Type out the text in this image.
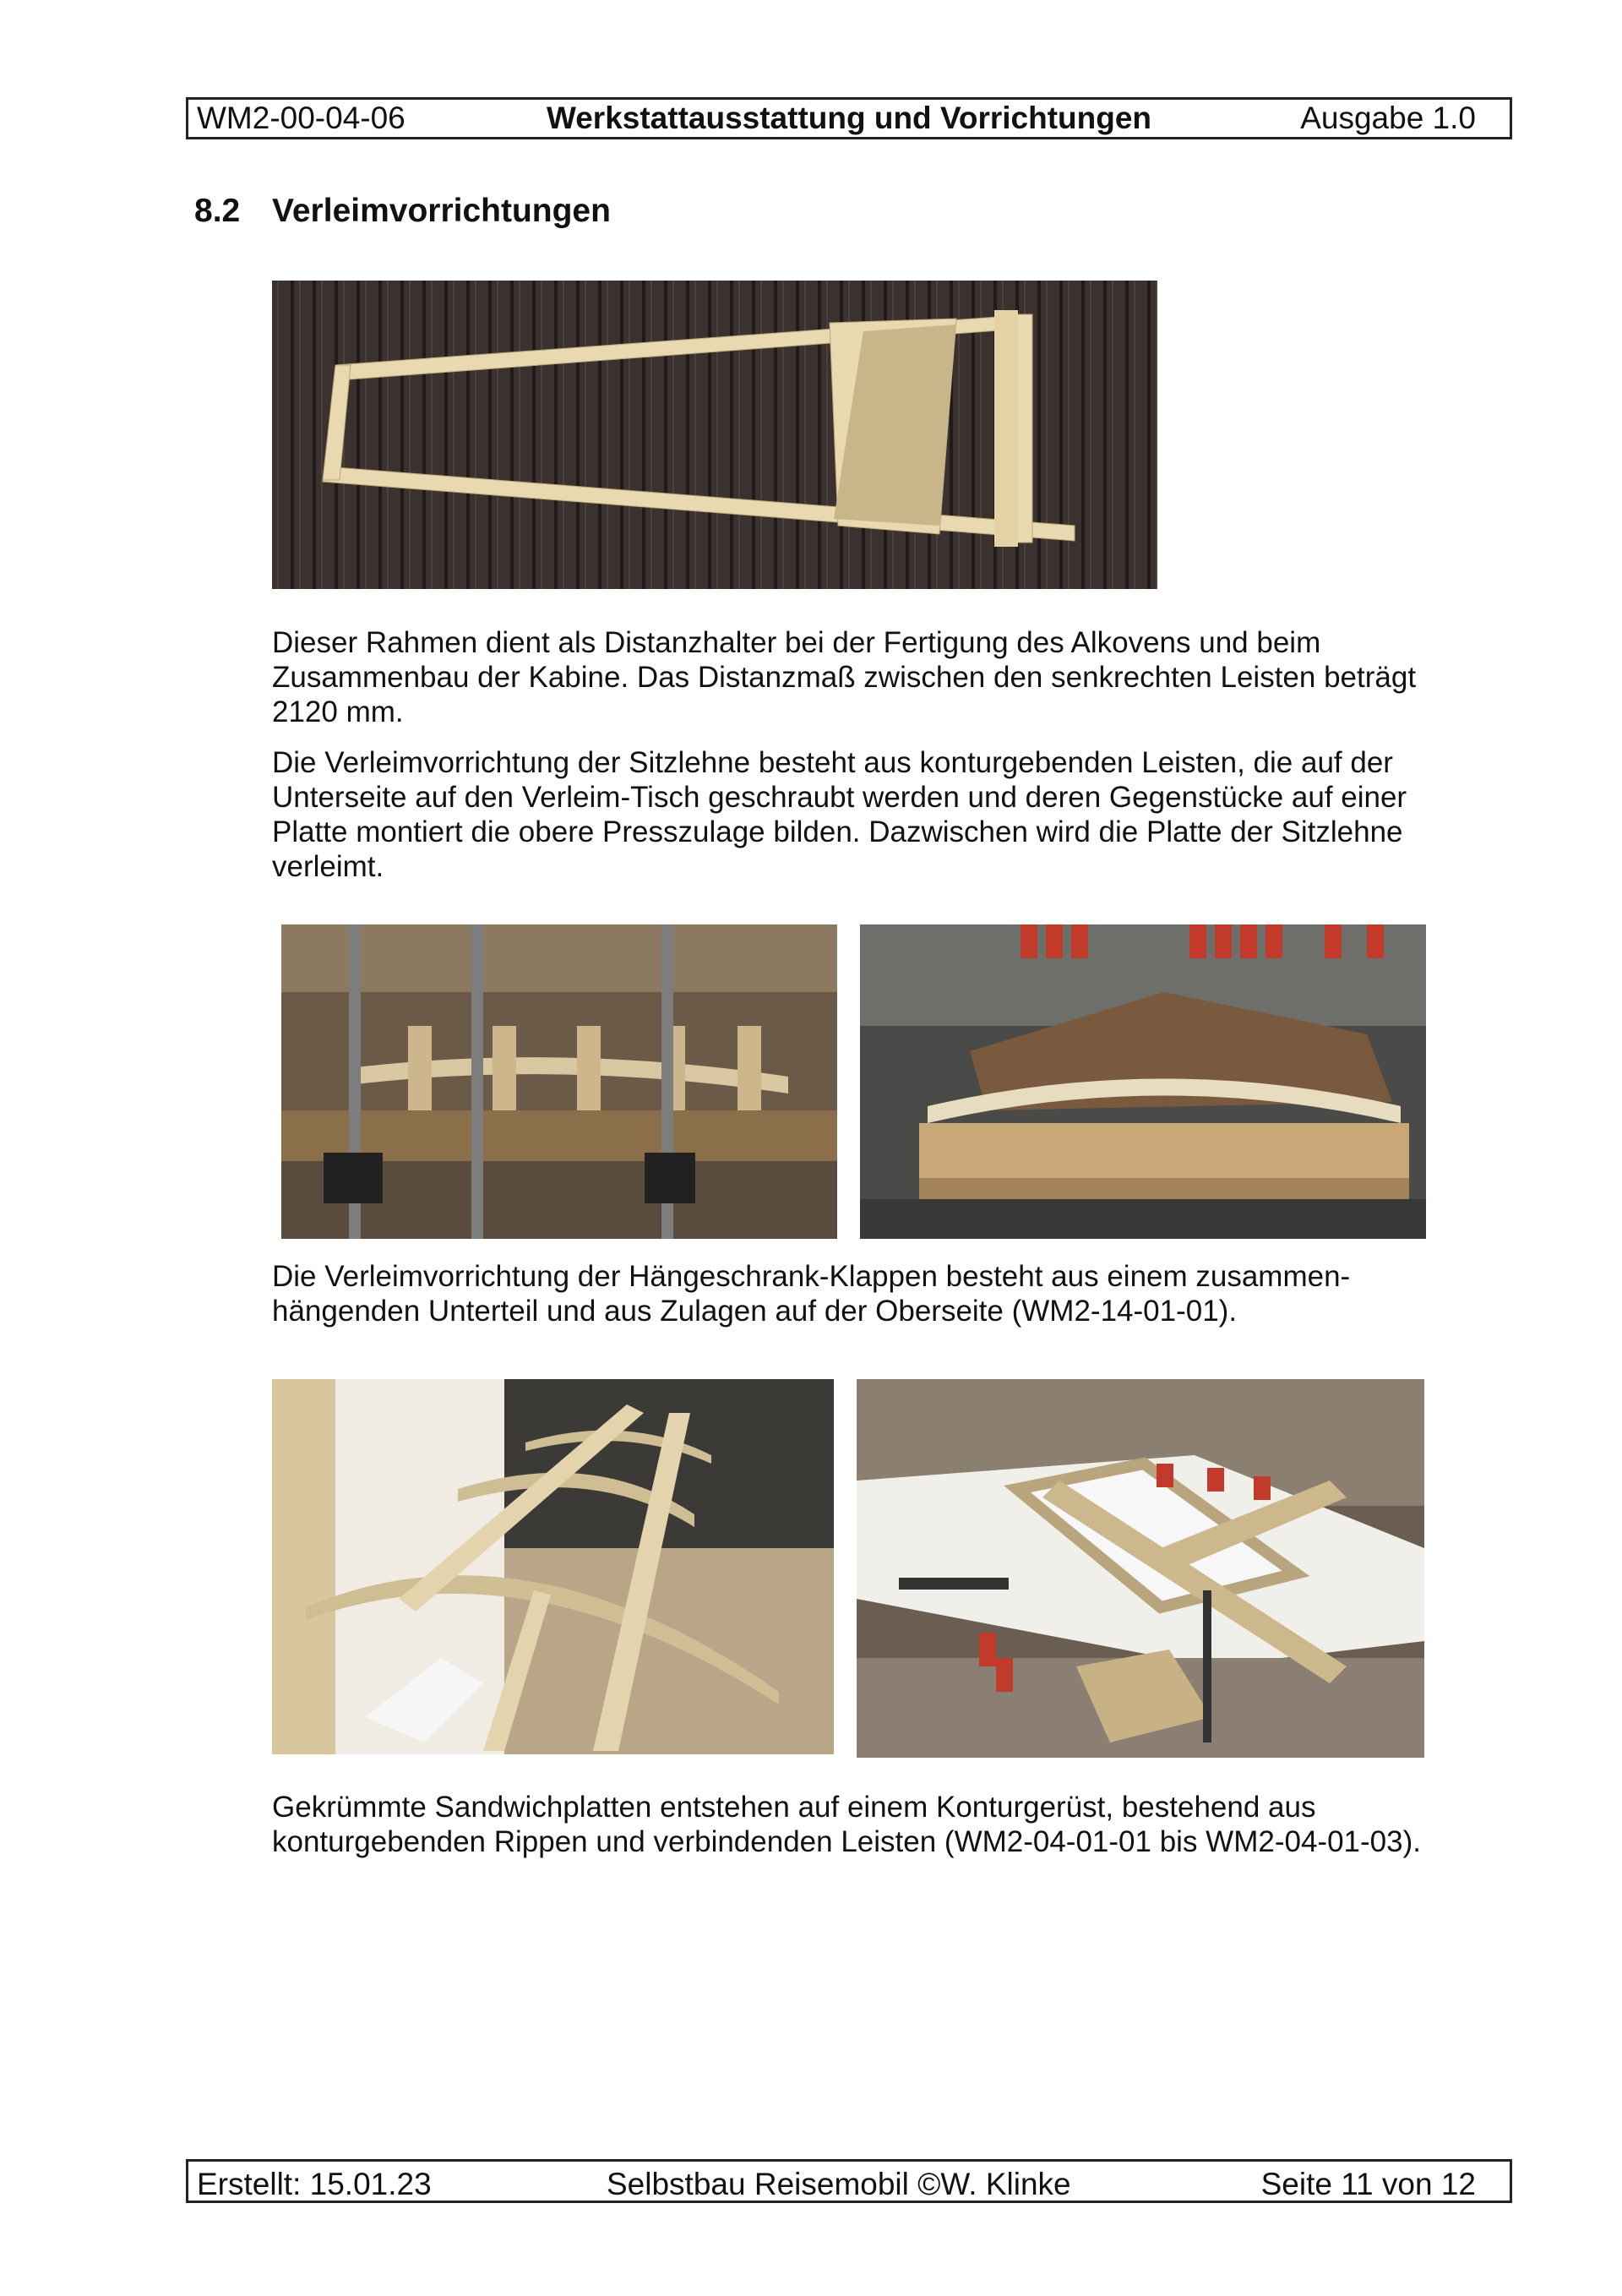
WM2-00-04-06	Werkstattausstattung und Vorrichtungen	Ausgabe 1.0
8.2 Verleimvorrichtungen
Dieser Rahmen dient als Distanzhalter bei der Fertigung des Alkovens und beim Zusammenbau der Kabine. Das Distanzmaß zwischen den senkrechten Leisten beträgt 2120 mm.
Die Verleimvorrichtung der Sitzlehne besteht aus konturgebenden Leisten, die auf der Unterseite auf den Verleim-Tisch geschraubt werden und deren Gegenstücke auf einer Platte montiert die obere Presszulage bilden. Dazwischen wird die Platte der Sitzlehne verleimt.
Die Verleimvorrichtung der Hängeschrank-Klappen besteht aus einem zusammen-hängenden Unterteil und aus Zulagen auf der Oberseite (WM2-14-01-01).
Gekrümmte Sandwichplatten entstehen auf einem Konturgerüst, bestehend aus konturgebenden Rippen und verbindenden Leisten (WM2-04-01-01 bis WM2-04-01-03).
Erstellt: 15.01.23	Selbstbau Reisemobil ©W. Klinke	Seite 11 von 12
